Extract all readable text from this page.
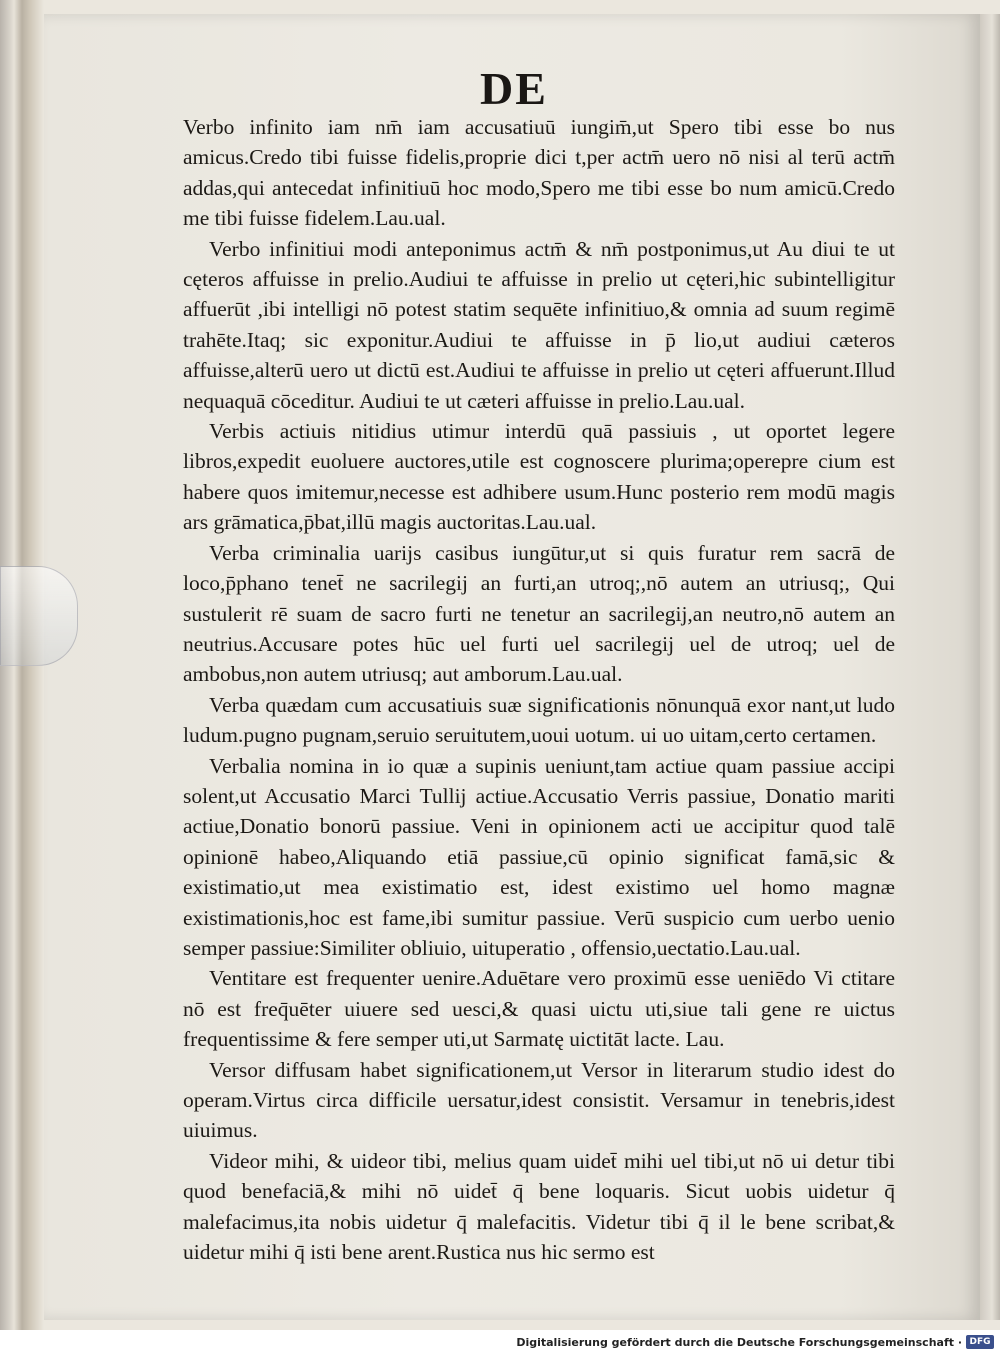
DE

Verbo infinito iam nm̄ iam accusatiuū iungim̄,ut Spero tibi esse bo nus amicus.Credo tibi fuisse fidelis,proprie dici t,per actm̄ uero nō nisi al terū actm̄ addas,qui antecedat infinitiuū hoc modo,Spero me tibi esse bo num amicū.Credo me tibi fuisse fidelem.Lau.ual.

Verbo infinitiui modi anteponimus actm̄ & nm̄ postponimus,ut Au diui te ut cęteros affuisse in prelio.Audiui te affuisse in prelio ut cęteri,hic subintelligitur affuerūt ,ibi intelligi nō potest statim sequēte infinitiuo,& omnia ad suum regimē trahēte.Itaq; sic exponitur.Audiui te affuisse in p̄ lio,ut audiui cæteros affuisse,alterū uero ut dictū est.Audiui te affuisse in prelio ut cęteri affuerunt.Illud nequaquā cōceditur. Audiui te ut cæteri affuisse in prelio.Lau.ual.

Verbis actiuis nitidius utimur interdū quā passiuis , ut oportet legere libros,expedit euoluere auctores,utile est cognoscere plurima;operepre cium est habere quos imitemur,necesse est adhibere usum.Hunc posterio rem modū magis ars grāmatica,p̄bat,illū magis auctoritas.Lau.ual.

Verba criminalia uarijs casibus iungūtur,ut si quis furatur rem sacrā de loco,p̄phano tenet̄ ne sacrilegij an furti,an utroq;,nō autem an utriusq;, Qui sustulerit rē suam de sacro furti ne tenetur an sacrilegij,an neutro,nō autem an neutrius.Accusare potes hūc uel furti uel sacrilegij uel de utroq; uel de ambobus,non autem utriusq; aut amborum.Lau.ual.

Verba quædam cum accusatiuis suæ significationis nōnunquā exor nant,ut ludo ludum.pugno pugnam,seruio seruitutem,uoui uotum. ui uo uitam,certo certamen.

Verbalia nomina in io quæ a supinis ueniunt,tam actiue quam passiue accipi solent,ut Accusatio Marci Tullij actiue.Accusatio Verris passiue, Donatio mariti actiue,Donatio bonorū passiue. Veni in opinionem acti ue accipitur quod talē opinionē habeo,Aliquando etiā passiue,cū opinio significat famā,sic & existimatio,ut mea existimatio est, idest existimo uel homo magnæ existimationis,hoc est fame,ibi sumitur passiue. Verū suspicio cum uerbo uenio semper passiue:Similiter obliuio, uituperatio , offensio,uectatio.Lau.ual.

Ventitare est frequenter uenire.Aduētare vero proximū esse ueniēdo Vi ctitare nō est freq̄uēter uiuere sed uesci,& quasi uictu uti,siue tali gene re uictus frequentissime & fere semper uti,ut Sarmatę uictitāt lacte. Lau.

Versor diffusam habet significationem,ut Versor in literarum studio idest do operam.Virtus circa difficile uersatur,idest consistit. Versamur in tenebris,idest uiuimus.

Videor mihi, & uideor tibi, melius quam uidet̄ mihi uel tibi,ut nō ui detur tibi quod benefaciā,& mihi nō uidet̄ q̄ bene loquaris. Sicut uobis uidetur q̄ malefacimus,ita nobis uidetur q̄ malefacitis. Videtur tibi q̄ il le bene scribat,& uidetur mihi q̄ isti bene arent.Rustica nus hic sermo est

Digitalisierung gefördert durch die Deutsche Forschungsgemeinschaft · DFG
